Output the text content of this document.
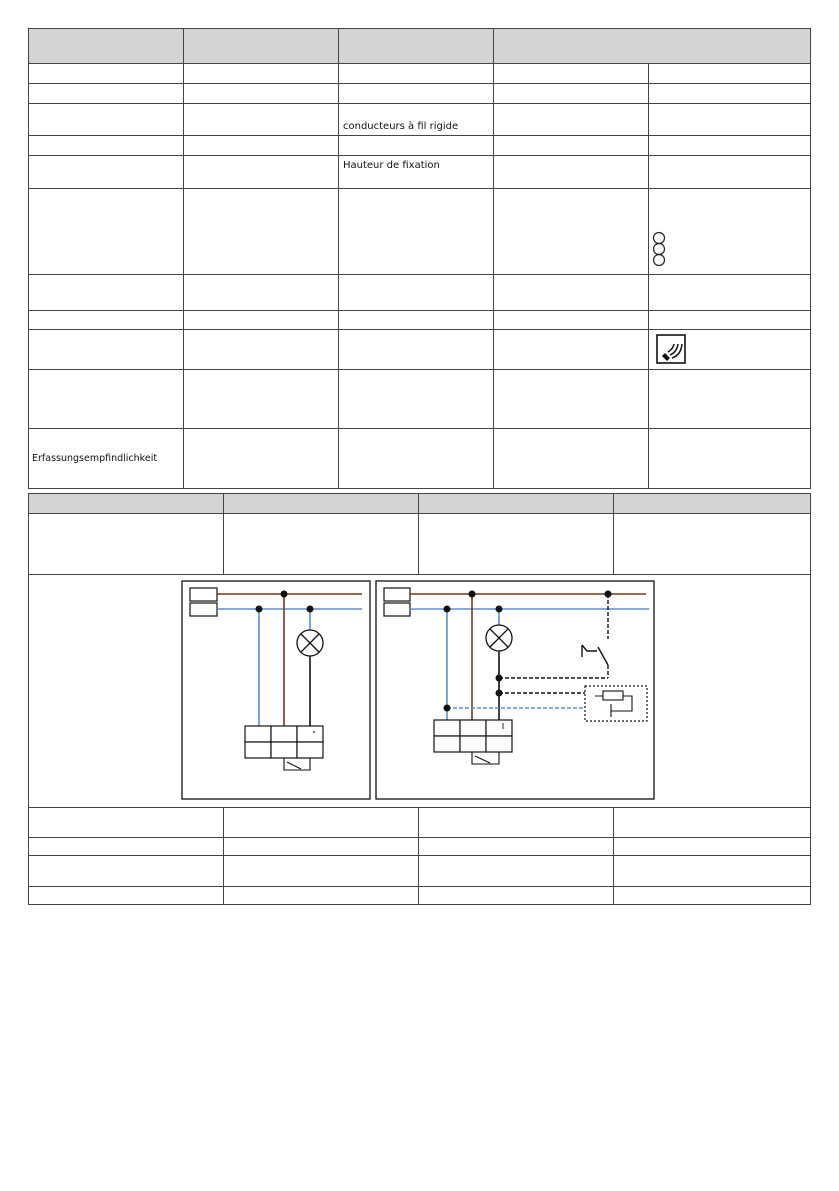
		conducteurs à fil rigide		

		Hauteur de fixation		

Erfassungsempfindlichkeit				
